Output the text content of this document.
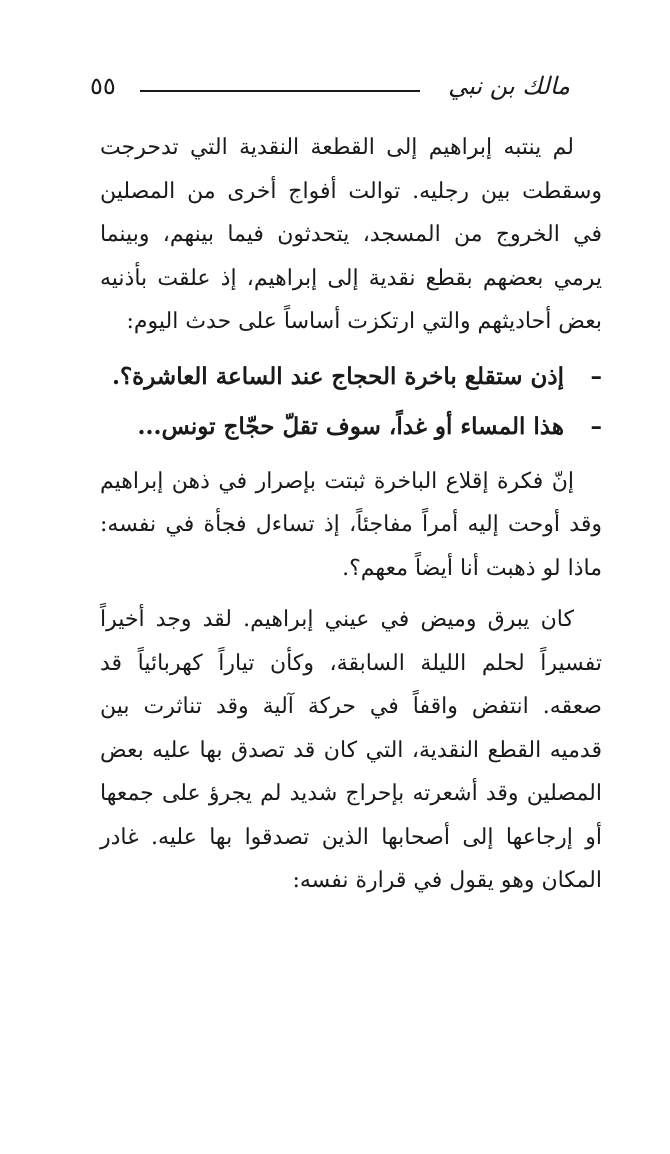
مالك بن نبي
٥٥

لم ينتبه إبراهيم إلى القطعة النقدية التي تدحرجت وسقطت بين رجليه. توالت أفواج أخرى من المصلين في الخروج من المسجد، يتحدثون فيما بينهم، وبينما يرمي بعضهم بقطع نقدية إلى إبراهيم، إذ علقت بأذنيه بعض أحاديثهم والتي ارتكزت أساساً على حدث اليوم:

–إذن ستقلع باخرة الحجاج عند الساعة العاشرة؟.

–هذا المساء أو غداً، سوف تقلّ حجّاج تونس...

إنّ فكرة إقلاع الباخرة ثبتت بإصرار في ذهن إبراهيم وقد أوحت إليه أمراً مفاجئاً، إذ تساءل فجأة في نفسه: ماذا لو ذهبت أنا أيضاً معهم؟.

كان يبرق وميض في عيني إبراهيم. لقد وجد أخيراً تفسيراً لحلم الليلة السابقة، وكأن تياراً كهربائياً قد صعقه. انتفض واقفاً في حركة آلية وقد تناثرت بين قدميه القطع النقدية، التي كان قد تصدق بها عليه بعض المصلين وقد أشعرته بإحراج شديد لم يجرؤ على جمعها أو إرجاعها إلى أصحابها الذين تصدقوا بها عليه. غادر المكان وهو يقول في قرارة نفسه:
